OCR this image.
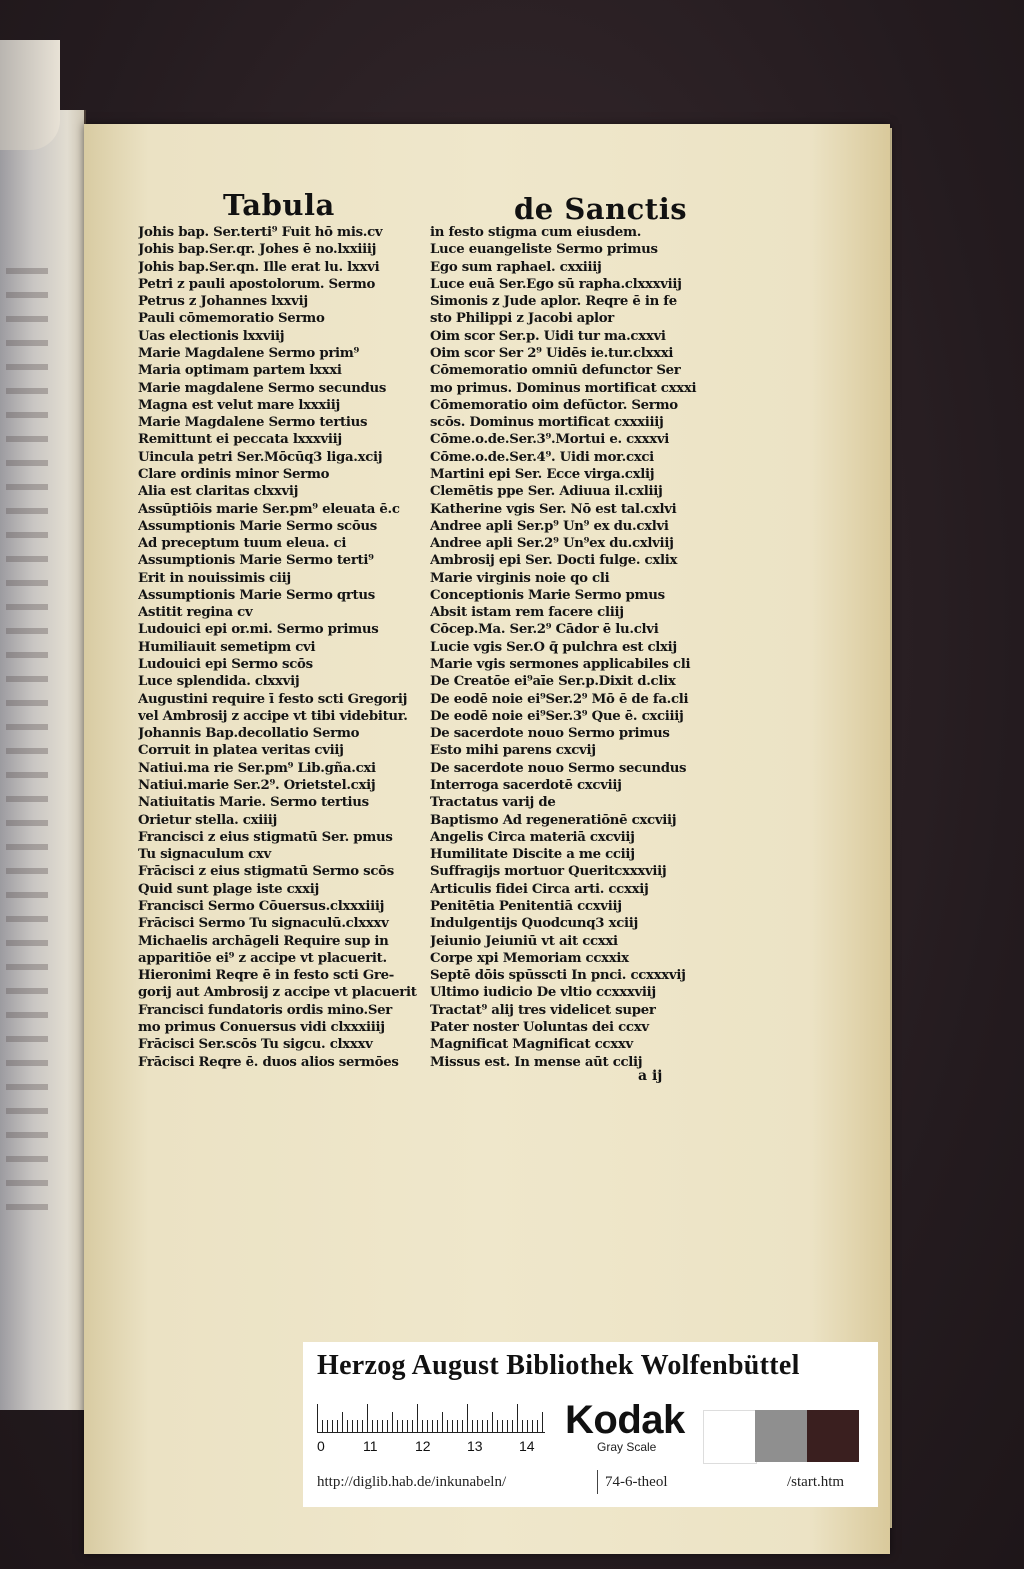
Tabula	de Sanctis
Johis bap. Ser.terti⁹ Fuit hō mis.cv
Johis bap.Ser.qr. Johes ē no.lxxiiij
Johis bap.Ser.qn. Ille erat lu. lxxvi
Petri z pauli apostolorum. Sermo
Petrus z Johannes lxxvij
Pauli cōmemoratio Sermo
Uas electionis lxxviij
Marie Magdalene Sermo prim⁹
Maria optimam partem lxxxi
Marie magdalene Sermo secundus
Magna est velut mare lxxxiij
Marie Magdalene Sermo tertius
Remittunt ei peccata lxxxviij
Uincula petri Ser.Mōcūq3 liga.xcij
Clare ordinis minor Sermo
Alia est claritas clxxvij
Assūptiōis marie Ser.pm⁹ eleuata ē.c
Assumptionis Marie Sermo scōus
Ad preceptum tuum eleua. ci
Assumptionis Marie Sermo terti⁹
Erit in nouissimis ciij
Assumptionis Marie Sermo qrtus
Astitit regina cv
Ludouici epi or.mi. Sermo primus
Humiliauit semetipm cvi
Ludouici epi Sermo scōs
Luce splendida. clxxvij
Augustini require ī festo scti Gregorij
vel Ambrosij z accipe vt tibi videbitur.
Johannis Bap.decollatio Sermo
Corruit in platea veritas cviij
Natiui.ma rie Ser.pm⁹ Lib.gña.cxi
Natiui.marie Ser.2⁹. Orietstel.cxij
Natiuitatis Marie. Sermo tertius
Orietur stella. cxiiij
Francisci z eius stigmatū Ser. pmus
Tu signaculum cxv
Frācisci z eius stigmatū Sermo scōs
Quid sunt plage iste cxxij
Francisci Sermo Cōuersus.clxxxiiij
Frācisci Sermo Tu signaculū.clxxxv
Michaelis archāgeli Require sup in
apparitiōe ei⁹ z accipe vt placuerit.
Hieronimi Reqre ē in festo scti Gre-
gorij aut Ambrosij z accipe vt placuerit
Francisci fundatoris ordis mino.Ser
mo primus Conuersus vidi clxxxiiij
Frācisci Ser.scōs Tu sigcu. clxxxv
Frācisci Reqre ē. duos alios sermōes
in festo stigma cum eiusdem.
Luce euangeliste Sermo primus
Ego sum raphael. cxxiiij
Luce euā Ser.Ego sū rapha.clxxxviij
Simonis z Jude aplor. Reqre ē in fe
sto Philippi z Jacobi aplor
Oim scor Ser.p. Uidi tur ma.cxxvi
Oim scor Ser 2⁹ Uidēs ie.tur.clxxxi
Cōmemoratio omniū defunctor Ser
mo primus. Dominus mortificat cxxxi
Cōmemoratio oim defūctor. Sermo
scōs. Dominus mortificat cxxxiiij
Cōme.o.de.Ser.3⁹.Mortui e. cxxxvi
Cōme.o.de.Ser.4⁹. Uidi mor.cxci
Martini epi Ser. Ecce virga.cxlij
Clemētis ppe Ser. Adiuua il.cxliij
Katherine vgis Ser. Nō est tal.cxlvi
Andree apli Ser.p⁹ Un⁹ ex du.cxlvi
Andree apli Ser.2⁹ Un⁹ex du.cxlviij
Ambrosij epi Ser. Docti fulge. cxlix
Marie virginis noie qo cli
Conceptionis Marie Sermo pmus
Absit istam rem facere cliij
Cōcep.Ma. Ser.2⁹ Cādor ē lu.clvi
Lucie vgis Ser.O q̄ pulchra est clxij
Marie vgis sermones applicabiles cli
De Creatōe ei⁹aīe Ser.p.Dixit d.clix
De eodē noie ei⁹Ser.2⁹ Mō ē de fa.cli
De eodē noie ei⁹Ser.3⁹ Que ē. cxciiij
De sacerdote nouo Sermo primus
Esto mihi parens cxcvij
De sacerdote nouo Sermo secundus
Interroga sacerdotē cxcviij
Tractatus varij de
Baptismo Ad regeneratiōnē cxcviij
Angelis Circa materiā cxcviij
Humilitate Discite a me cciij
Suffragijs mortuor Queritcxxxviij
Articulis fidei Circa arti. ccxxij
Penitētia Penitentiā ccxviij
Indulgentijs Quodcunq3 xciij
Jeiunio Jeiuniū vt ait ccxxi
Corpe xpi Memoriam ccxxix
Septē dōis spūsscti In pnci. ccxxxvij
Ultimo iudicio De vltio ccxxxviij
Tractat⁹ alij tres videlicet super
Pater noster Uoluntas dei ccxv
Magnificat Magnificat ccxxv
Missus est. In mense aūt cclij
a ij
Herzog August Bibliothek Wolfenbüttel
0	11	12	13	14
Kodak
Gray Scale
http://diglib.hab.de/inkunabeln/	74-6-theol	/start.htm
